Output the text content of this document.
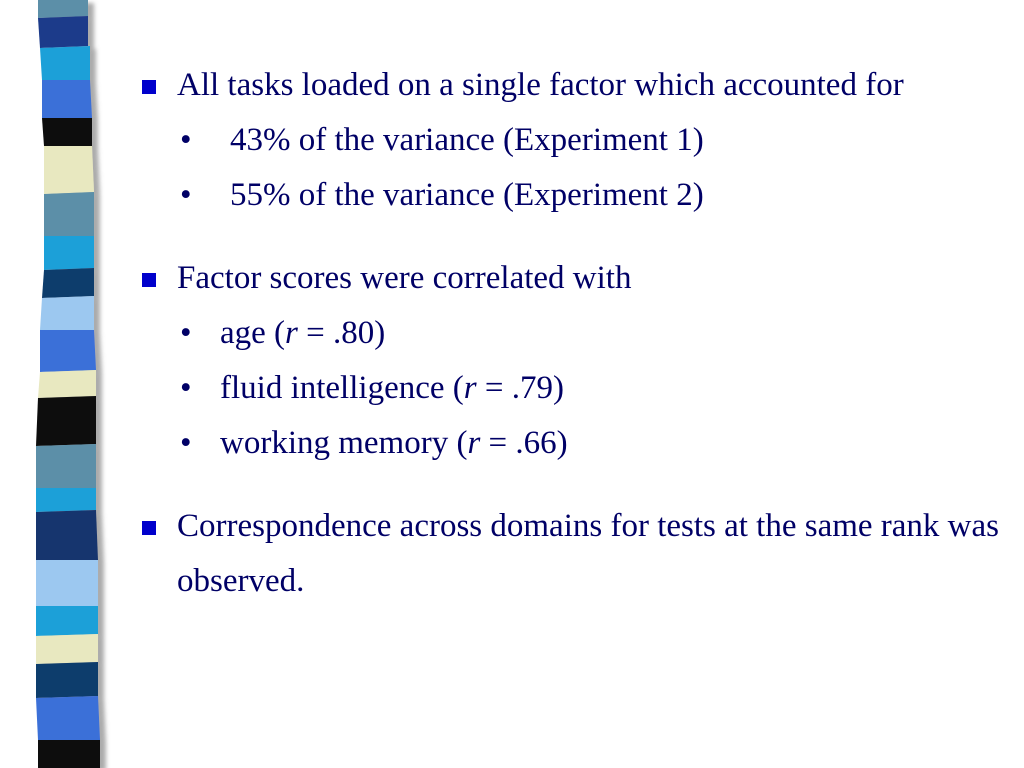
All tasks loaded on a single factor which accounted for
• 43% of the variance (Experiment 1)
• 55% of the variance (Experiment 2)
Factor scores were correlated with
• age (r = .80)
• fluid intelligence (r = .79)
• working memory (r = .66)
Correspondence across domains for tests at the same rank was observed.
